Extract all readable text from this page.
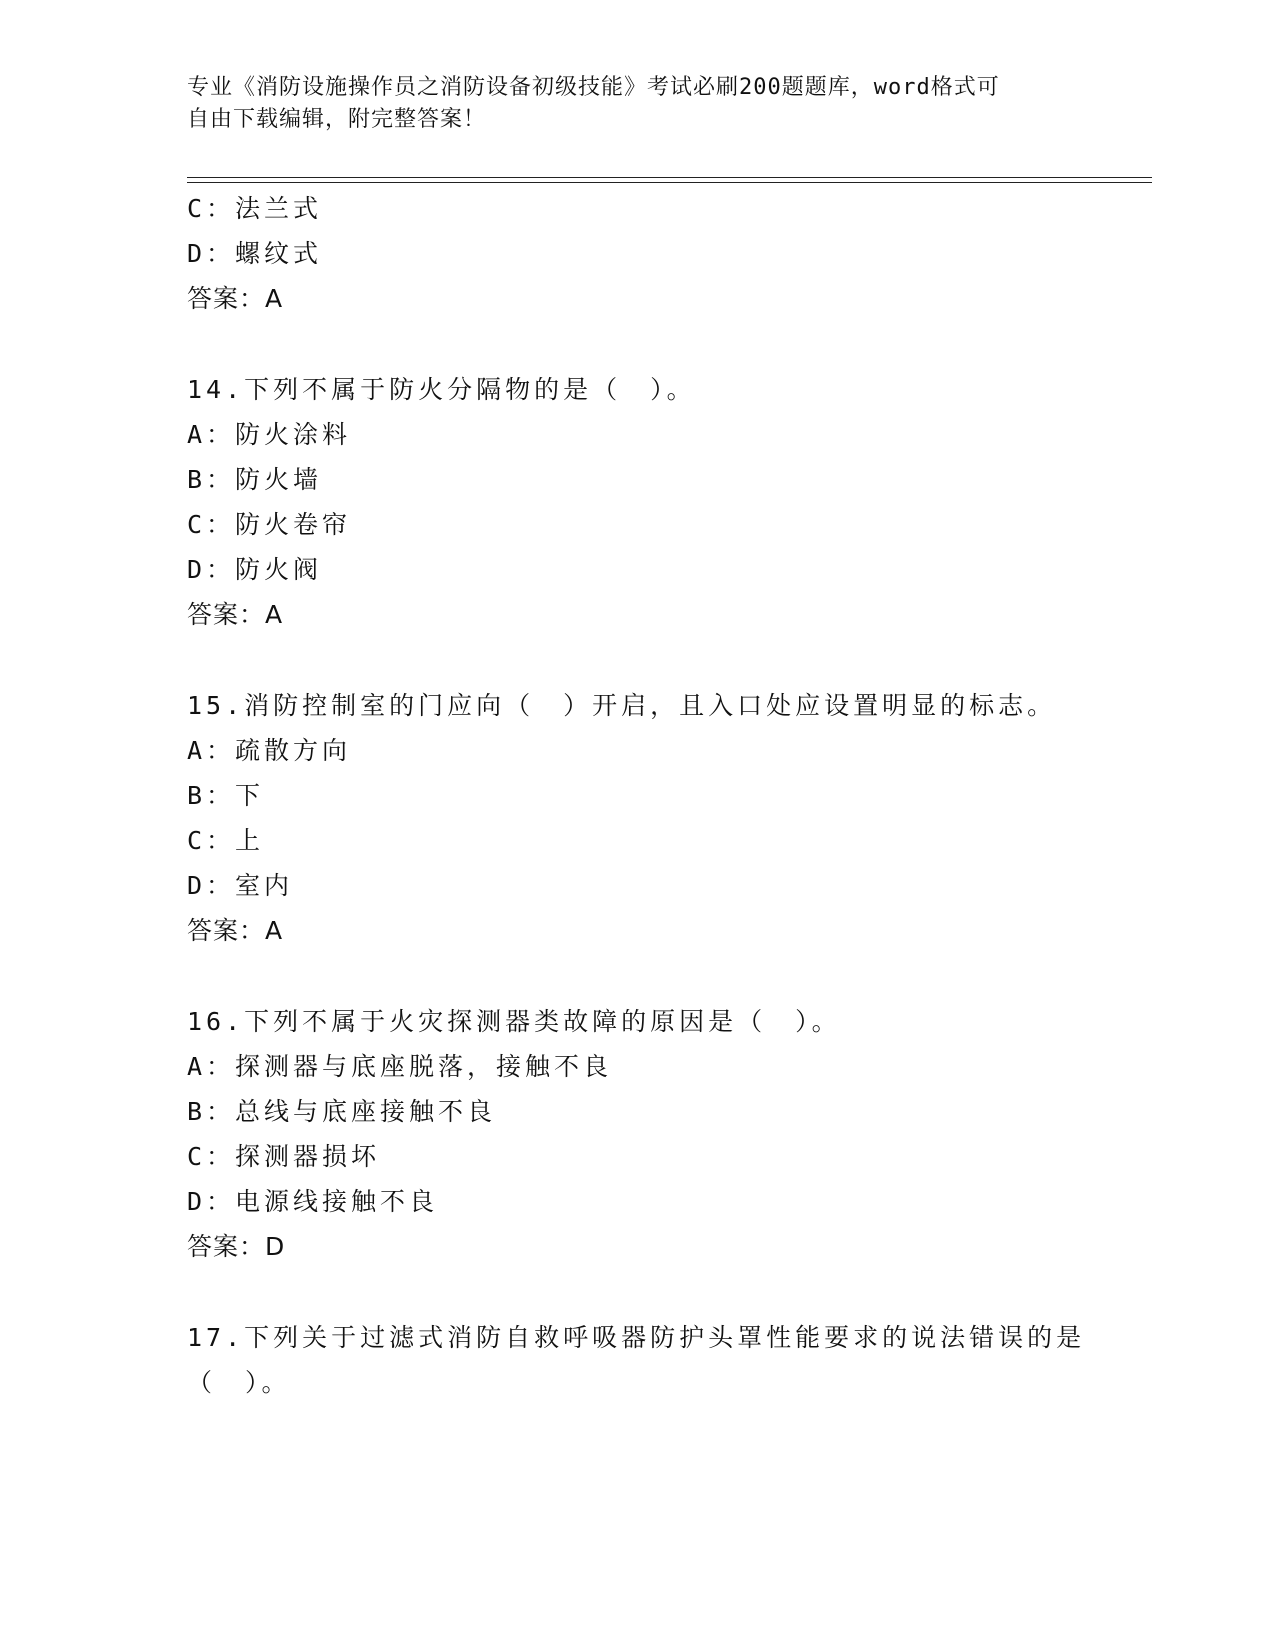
专业《消防设施操作员之消防设备初级技能》考试必刷200题题库，word格式可
自由下载编辑，附完整答案！
C：法兰式
D：螺纹式
答案：A
14.下列不属于防火分隔物的是（　）。
A：防火涂料
B：防火墙
C：防火卷帘
D：防火阀
答案：A
15.消防控制室的门应向（　）开启，且入口处应设置明显的标志。
A：疏散方向
B：下
C：上
D：室内
答案：A
16.下列不属于火灾探测器类故障的原因是（　）。
A：探测器与底座脱落，接触不良
B：总线与底座接触不良
C：探测器损坏
D：电源线接触不良
答案：D
17.下列关于过滤式消防自救呼吸器防护头罩性能要求的说法错误的是
（　）。
